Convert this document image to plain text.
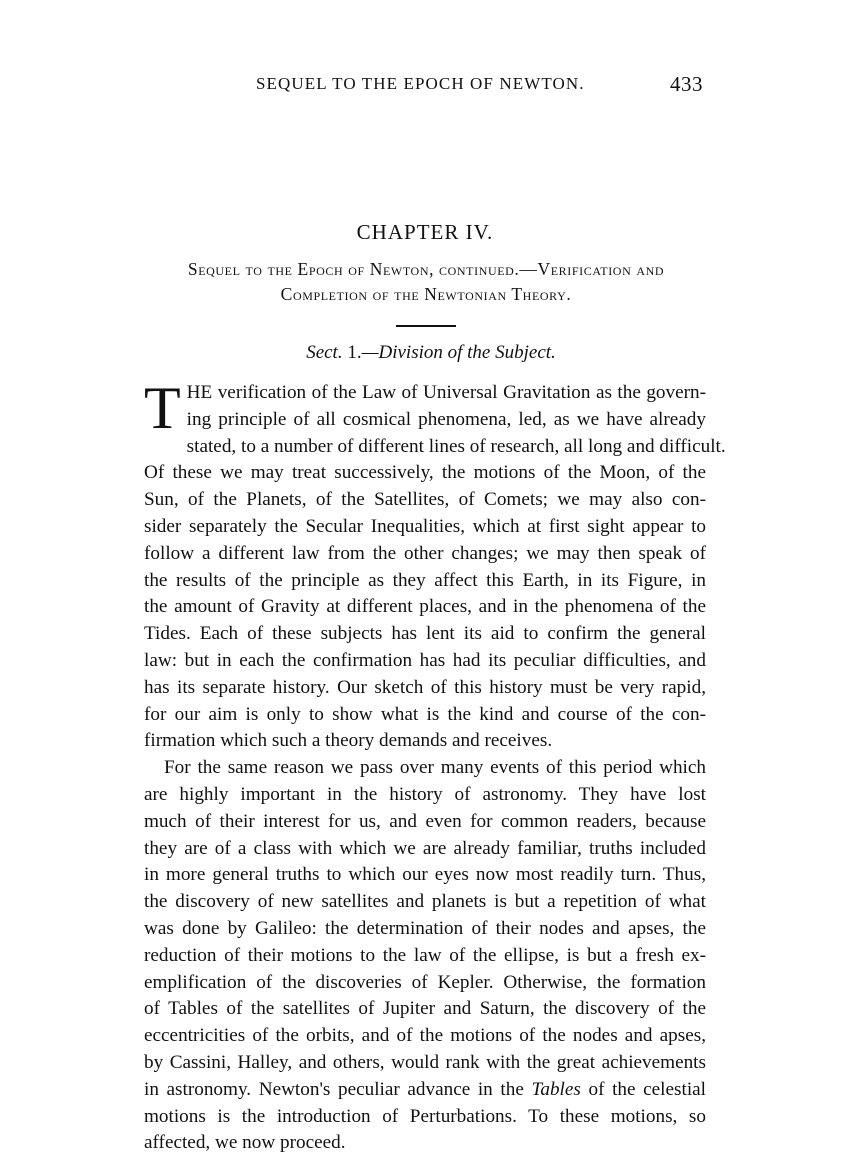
SEQUEL TO THE EPOCH OF NEWTON.	433
CHAPTER IV.
Sequel to the Epoch of Newton, continued.—Verification and
Completion of the Newtonian Theory.
Sect. 1.—Division of the Subject.
T HE verification of the Law of Universal Gravitation as the govern-
ing principle of all cosmical phenomena, led, as we have already
stated, to a number of different lines of research, all long and difficult.
Of these we may treat successively, the motions of the Moon, of the
Sun, of the Planets, of the Satellites, of Comets; we may also con-
sider separately the Secular Inequalities, which at first sight appear to
follow a different law from the other changes; we may then speak of
the results of the principle as they affect this Earth, in its Figure, in
the amount of Gravity at different places, and in the phenomena of the
Tides. Each of these subjects has lent its aid to confirm the general
law: but in each the confirmation has had its peculiar difficulties, and
has its separate history. Our sketch of this history must be very rapid,
for our aim is only to show what is the kind and course of the con-
firmation which such a theory demands and receives.
For the same reason we pass over many events of this period which
are highly important in the history of astronomy. They have lost
much of their interest for us, and even for common readers, because
they are of a class with which we are already familiar, truths included
in more general truths to which our eyes now most readily turn. Thus,
the discovery of new satellites and planets is but a repetition of what
was done by Galileo: the determination of their nodes and apses, the
reduction of their motions to the law of the ellipse, is but a fresh ex-
emplification of the discoveries of Kepler. Otherwise, the formation
of Tables of the satellites of Jupiter and Saturn, the discovery of the
eccentricities of the orbits, and of the motions of the nodes and apses,
by Cassini, Halley, and others, would rank with the great achievements
in astronomy. Newton's peculiar advance in the Tables of the celestial
motions is the introduction of Perturbations. To these motions, so
affected, we now proceed.
